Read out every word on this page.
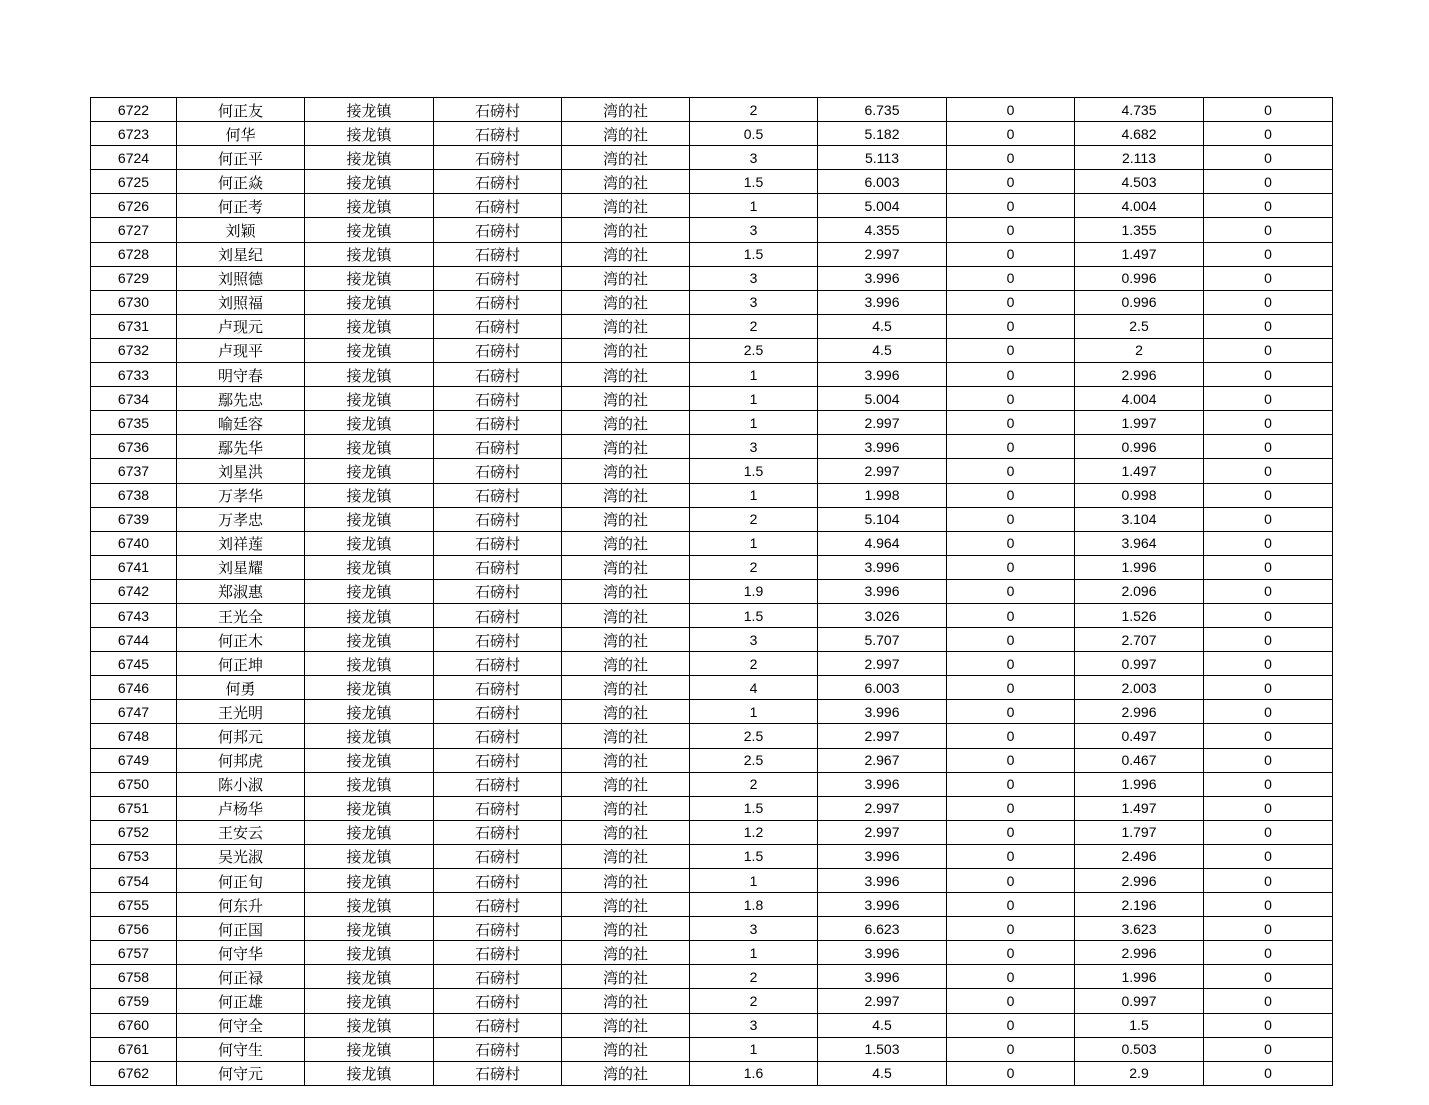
6722	何正友	接龙镇	石磅村	湾的社	2	6.735	0	4.735	0
6723	何华	接龙镇	石磅村	湾的社	0.5	5.182	0	4.682	0
6724	何正平	接龙镇	石磅村	湾的社	3	5.113	0	2.113	0
6725	何正焱	接龙镇	石磅村	湾的社	1.5	6.003	0	4.503	0
6726	何正考	接龙镇	石磅村	湾的社	1	5.004	0	4.004	0
6727	刘颖	接龙镇	石磅村	湾的社	3	4.355	0	1.355	0
6728	刘星纪	接龙镇	石磅村	湾的社	1.5	2.997	0	1.497	0
6729	刘照德	接龙镇	石磅村	湾的社	3	3.996	0	0.996	0
6730	刘照福	接龙镇	石磅村	湾的社	3	3.996	0	0.996	0
6731	卢现元	接龙镇	石磅村	湾的社	2	4.5	0	2.5	0
6732	卢现平	接龙镇	石磅村	湾的社	2.5	4.5	0	2	0
6733	明守春	接龙镇	石磅村	湾的社	1	3.996	0	2.996	0
6734	鄢先忠	接龙镇	石磅村	湾的社	1	5.004	0	4.004	0
6735	喻廷容	接龙镇	石磅村	湾的社	1	2.997	0	1.997	0
6736	鄢先华	接龙镇	石磅村	湾的社	3	3.996	0	0.996	0
6737	刘星洪	接龙镇	石磅村	湾的社	1.5	2.997	0	1.497	0
6738	万孝华	接龙镇	石磅村	湾的社	1	1.998	0	0.998	0
6739	万孝忠	接龙镇	石磅村	湾的社	2	5.104	0	3.104	0
6740	刘祥莲	接龙镇	石磅村	湾的社	1	4.964	0	3.964	0
6741	刘星耀	接龙镇	石磅村	湾的社	2	3.996	0	1.996	0
6742	郑淑惠	接龙镇	石磅村	湾的社	1.9	3.996	0	2.096	0
6743	王光全	接龙镇	石磅村	湾的社	1.5	3.026	0	1.526	0
6744	何正木	接龙镇	石磅村	湾的社	3	5.707	0	2.707	0
6745	何正坤	接龙镇	石磅村	湾的社	2	2.997	0	0.997	0
6746	何勇	接龙镇	石磅村	湾的社	4	6.003	0	2.003	0
6747	王光明	接龙镇	石磅村	湾的社	1	3.996	0	2.996	0
6748	何邦元	接龙镇	石磅村	湾的社	2.5	2.997	0	0.497	0
6749	何邦虎	接龙镇	石磅村	湾的社	2.5	2.967	0	0.467	0
6750	陈小淑	接龙镇	石磅村	湾的社	2	3.996	0	1.996	0
6751	卢杨华	接龙镇	石磅村	湾的社	1.5	2.997	0	1.497	0
6752	王安云	接龙镇	石磅村	湾的社	1.2	2.997	0	1.797	0
6753	吴光淑	接龙镇	石磅村	湾的社	1.5	3.996	0	2.496	0
6754	何正旬	接龙镇	石磅村	湾的社	1	3.996	0	2.996	0
6755	何东升	接龙镇	石磅村	湾的社	1.8	3.996	0	2.196	0
6756	何正国	接龙镇	石磅村	湾的社	3	6.623	0	3.623	0
6757	何守华	接龙镇	石磅村	湾的社	1	3.996	0	2.996	0
6758	何正禄	接龙镇	石磅村	湾的社	2	3.996	0	1.996	0
6759	何正雄	接龙镇	石磅村	湾的社	2	2.997	0	0.997	0
6760	何守全	接龙镇	石磅村	湾的社	3	4.5	0	1.5	0
6761	何守生	接龙镇	石磅村	湾的社	1	1.503	0	0.503	0
6762	何守元	接龙镇	石磅村	湾的社	1.6	4.5	0	2.9	0
